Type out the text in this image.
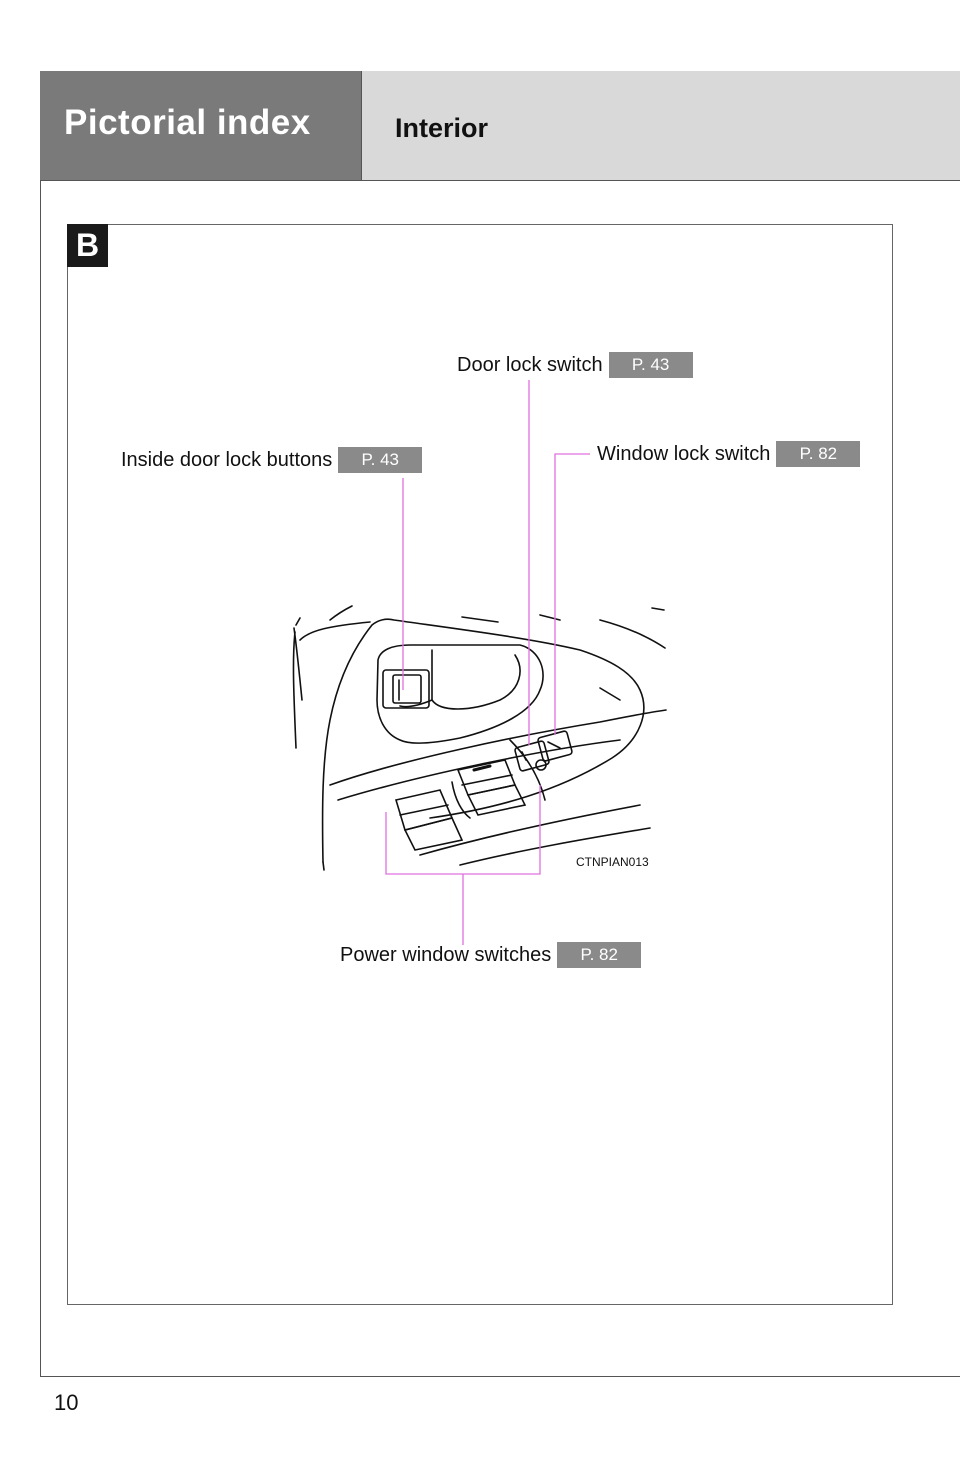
Pictorial index	Interior
B
Door lock switch	P. 43
Inside door lock buttons	P. 43	Window lock switch	P. 82
Power window switches	P. 82
CTNPIAN013
10
